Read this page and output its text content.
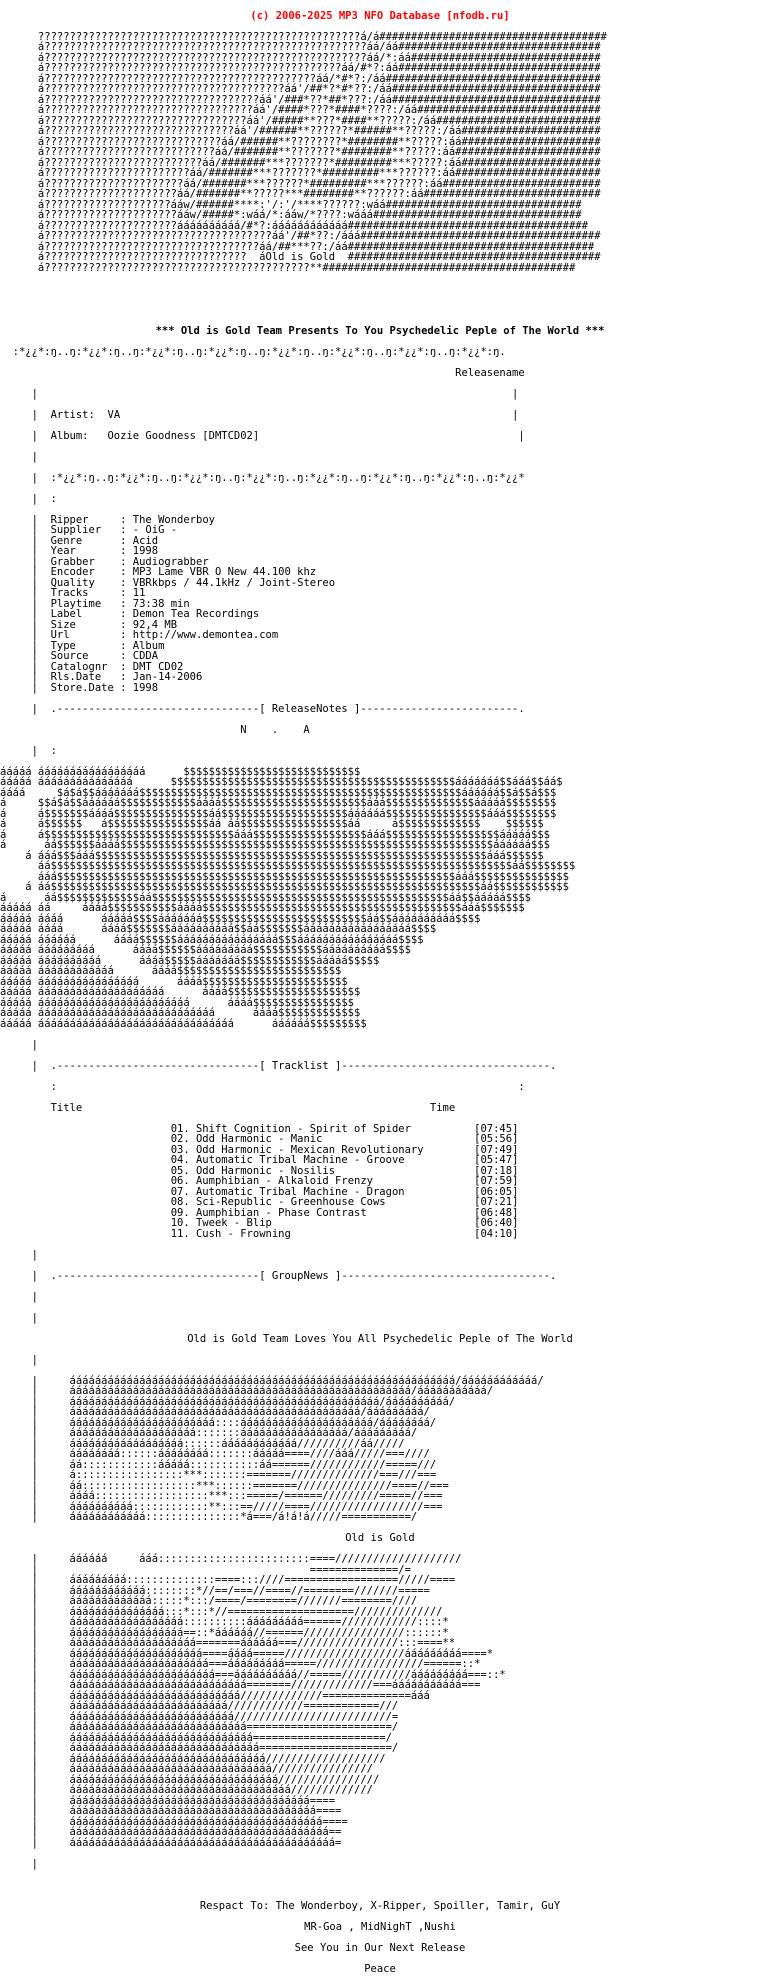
(c) 2006-2025 MP3 NFO Database [nfodb.ru]

???????????????????????????????????????????????????á/á####################################
á???????????????????????????????????????????????????áá/áá################################
á???????????????????????????????????????????????????áá/*:áá##############################
á???????????????????????????????????????????????áá/#*?:áá################################
á???????????????????????????????????????????áá/*#*?:/áá##################################
á??????????????????????????????????????áá'/##*?*#*??:/áá#################################
á??????????????????????????????????áá'/###*??*##*???:/áá#################################
á?????????????????????????????????áá'/####*???*####*????:/áá#############################
á????????????????????????????????áá'/#####**???*####**?????:/áá##########################
á??????????????????????????????áá'/######**??????*######**?????:/áá######################
á????????????????????????????áá/######**????????*########**?????:áá######################
á???????????????????????????áá/#######**???????*########**?????:áá#######################
á?????????????????????????áá/#######***???????*#########***?????:áá######################
á???????????????????????áá/#######***???????*#########***??????:áá#######################
á??????????????????????áá/#######***??????*#########***??????:áá#########################
á?????????????????????áá/#######**?????***########**??????:áá############################
á????????????????????ááw/######****:'/:'/****??????:wáá###############################
á?????????????????????ááw/#####*:wáá/*:ááw/*????:wááá#################################
á?????????????????????áááááááááá/#*?:áááááááááááá######################################
á????????????????????????????????????áá'/##*??:/ááá######################################
á??????????????????????????????????áá/##***??:/áá#######################################
á????????????????????????????????  áOld is Gold  ########################################
á??????????????????????????????????????????**########################################

*** Old is Gold Team Presents To You Psychedelic Peple of The World ***

:*¿¿*:ŋ..ŋ:*¿¿*:ŋ..ŋ:*¿¿*:ŋ..ŋ:*¿¿*:ŋ..ŋ:*¿¿*:ŋ..ŋ:*¿¿*:ŋ..ŋ:*¿¿*:ŋ..ŋ:*¿¿*:ŋ.

Releasename

|                                                                           |

|  Artist: VA                                                              |

|  Album: Oozie Goodness [DMTCD02]                                         |

|

|  :*¿¿*:ŋ..ŋ:*¿¿*:ŋ..ŋ:*¿¿*:ŋ..ŋ:*¿¿*:ŋ..ŋ:*¿¿*:ŋ..ŋ:*¿¿*:ŋ..ŋ:*¿¿*:ŋ..ŋ:*¿¿*

|  :

|  Ripper     : The Wonderboy
|  Supplier   : - OiG -
|  Genre      : Acid
|  Year       : 1998
|  Grabber    : Audiograbber
|  Encoder    : MP3 Lame VBR O New 44.100 khz
|  Quality    : VBRkbps / 44.1kHz / Joint-Stereo
|  Tracks     : 11
|  Playtime   : 73:38 min
|  Label      : Demon Tea Recordings
|  Size       : 92,4 MB
|  Url        : http://www.demontea.com
|  Type       : Album
|  Source     : CDDA
|  Catalognr  : DMT CD02
|  Rls.Date   : Jan-14-2006
|  Store.Date : 1998

|  .--------------------------------[ ReleaseNotes ]-------------------------.

N    .    A

|  :

ááááá ááááááááááááááááá      $$$$$$$$$$$$$$$$$$$$$$$$$$$$
ááááá ááááááááááááááá      $$$$$$$$$$$$$$$$$$$$$$$$$$$$$$$$$$$$$$$$$$$$$ááááááá$$ááá$$áá$
áááá     $á$á$$ááááááá$$$$$$$$$$$$$$$$$$$$$$$$$$$$$$$$$$$$$$$$$$$$$$$$$$$áááááá$$á$$á$$$
á     $$á$á$$áááááá$$$$$$$$$$$$áááá$$$$$$$$$$$$$$$$$$$$$$$ááá$$$$$$$$$$$$$$ááááá$$$$$$$$
á     á$$$$$$$áááá$$$$$$$$$$$$$$$áá$$$$$$$$$$$$$$$$$$$$áááááá$$$$$$$$$$$$$$$$ááá$$$$$$$$
á     á$$$$$$   á$$$$$$$$$$$$$$$$áá áá$$$$$$$$$$$$$$$$$áá     á$$$$$$$$$$$$$    $$$$$$
á     á$$$$$$$$$$$$$$$$$$$$$$$$$$$$$$ááá$$$$$$$$$$$$$$$$$$ááá$$$$$$$$$$$$$$$$$$ááááá$$$
á      áá$$$$$$áááá$$$$$$$$$$$$$$$$$$$$$$$$$$$$$$$$$$$$$$$$$$$$$$$$$$$$$$$$$$$áááááá$$$
á ááá$$$ááá$$$$$$$$$$$$$$$$$$$$$$$$$$$$$$$$$$$$$$$$$$$$$$$$$$$$$$$$$$$$$$ááá$$$$$$
áá$$$$$$$$$$$$$$$$$$$$$$$$$$$$$$$$$$$$$$$$$$$$$$$$$$$$$$$$$$$$$$$$$$$$$$$$$áá$$$$$$$$
ááá$$$$$$$$$$$$$$$$$$$$$$$$$$$$$$$$$$$$$$$$$$$$$$$$$$$$$$$$$$$$$$$ááá$$$$$$$$$$$$$$$
á áá$$$$$$$$$$$$$$$$$$$$$$$$$$$$$$$$$$$$$$$$$$$$$$$$$$$$$$$$$$$$$$$$$$$$áá$$$$$$$$$$$$
á      áá$$$$$$$$$$$$$áá$$$$$$$$$$$$$$$$$$$$$$$$$$$$$$$$$$$$$$$$$$$$$$$áá$$ááááá$$$$
ááááá áá     áááá$$$$$$$$$$$áááá$$$$$$$$$$$$$$$$$$$$$$$$$$$$$$$$$$$$$$$$$ááá$$$$$$$
ááááá áááá      ááááá$$$$ááááááá$$$$$$$$$$$$$$$$$$$$$$$$$$áá$$áááááááááá$$$$
ááááá áááá      áááá$$$$$$$áááááááááá$$áá$$$$$$$ááááááááááááááááá$$$$
ááááá áááááá      áááá$$$$$$áááááááááááááááá$$$áááááááááááááááá$$$$
ááááá ááááááááá      áááá$$$$$$ááááááááá$$$$$$$$$$$áááááááááá$$$$
ááááá áááááááááá      áááá$$$$$ááááááá$$$$$$$$$$$$ááááá$$$$$
ááááá áááááááááááá      áááá$$$$$$$$$$$$$$$$$$$$$$$$$$
ááááá áááááááááááááááá      áááá$$$$$$$$$$$$$$$$$$$$$$$
ááááá áááááááááááááááááááá      áááá$$$$$$$$$$$$$$$$$$$$$
ááááá áááááááááááááááááááááááá      áááá$$$$$$$$$$$$$$$$
ááááá áááááááááááááááááááááááááááá      áááá$$$$$$$$$$$$$
ááááá ááááááááááááááááááááááááááááááá      áááááá$$$$$$$$$

|

|  .--------------------------------[ Tracklist ]---------------------------------.

:                                                                         :

Title	Time

01. Shift Cognition - Spirit of Spider          [07:45]
02. Odd Harmonic - Manic                        [05:56]
03. Odd Harmonic - Mexican Revolutionary        [07:49]
04. Automatic Tribal Machine - Groove           [05:47]
05. Odd Harmonic - Nosilis                      [07:18]
06. Aumphibian - Alkaloid Frenzy                [07:59]
07. Automatic Tribal Machine - Dragon           [06:05]
08. Sci-Republic - Greenhouse Cows              [07:21]
09. Aumphibian - Phase Contrast                 [06:48]
10. Tweek - Blip                                [06:40]
11. Cush - Frowning                             [04:10]

|

|  .--------------------------------[ GroupNews ]---------------------------------.

|

|

Old is Gold Team Loves You All Psychedelic Peple of The World

|

|     ááááááááááááááááááááááááááááááááááááááááááááááááááááááááááááá/áááááááááááá/
|     áááááááááááááááááááááááááááááááááááááááááááááááááááááá/ááááááááááá/
|     ááááááááááááááááááááááááááááááááááááááááááááááááá/áááááááááá/
|     áááááááááááááááááááááááááááááááááááááááááááááá/ááááááááá/
|     ááááááááááááááááááááááá::::ááááááááááááááááááááá/áááááááá/
|     áááááááááááááááááááá:::::::ááááááááááááááááá/ááááááááá/
|     áááááááááááááááááá::::::áááááááááááá//////////áá/////
|     áááááááá::::::áááááááá:::::::ááááá====////ááá/////===////
|     áá::::::::::::ááááá:::::::::::áá======////////////=====///
|     á:::::::::::::::::***:::::::=======//////////////===///===
|     áá::::::::::::::::::***::::::=======///////////////====//===
|     áááá::::::::::::::::::***:::=====/======/////////=====//===
|     áááááááááá::::::::::::**:::==/////====//////////////////===
|     áááááááááááá:::::::::::::::*á===/á!á!á/////===========/

Old is Gold

|     áááááá     ááá::::::::::::::::::::::::====////////////////////
|                                           ==============/=
|     ááááááááá::::::::::::::====:::////==================/////====
|     áááááááááááá::::::::*//==/===//====//========///////=====
|     ááááááááááááá:::::*:::/====/========///////========////
|     ááááááááááááááá:::*:::*//====================//////////////
|     áááááááááááááááááá::::::::::ááááááááá======////////////::::*
|     áááááááááááááááááá==::*áááááá//======////////////////::::::*
|     áááááááááááááááááááá=======áááááá===////////////////:::====**
|     ááááááááááááááááááááá====áááá=====///////////////////ááááááááá====*
|     áááááááááááááááááááááá===ááááááááá=====/////////////////======::*
|     ááááááááááááááááááááááá===áááááááááá//=====///////////ááááááááá===::*
|     áááááááááááááááááááááááááááá=======/////////////===ááááááááááá===
|     ááááááááááááááááááááááááááá/////////////==============ááá
|     ááááááááááááááááááááááááá////////////============///
|     áááááááááááááááááááááááááá/////////////////////////=
|     áááááááááááááááááááááááááááá=======================/
|     ááááááááááááááááááááááááááááá=====================/
|     áááááááááááááááááááááááááááááá=====================/
|     ááááááááááááááááááááááááááááááá///////////////////
|     áááááááááááááááááááááááááááááááá////////////////
|     ááááááááááááááááááááááááááááááááá////////////////
|     ááááááááááááááááááááááááááááááááááá/////////////
|     áááááááááááááááááááááááááááááááááááááá====
|     ááááááááááááááááááááááááááááááááááááááá====
|     áááááááááááááááááááááááááááááááááááááááá====
|     ááááááááááááááááááááááááááááááááááááááááá==
|     áááááááááááááááááááááááááááááááááááááááááá=

|

Respact To: The Wonderboy, X-Ripper, Spoiller, Tamir, GuY

MR-Goa , MidNighT ,Nushi

See You in Our Next Release

Peace
